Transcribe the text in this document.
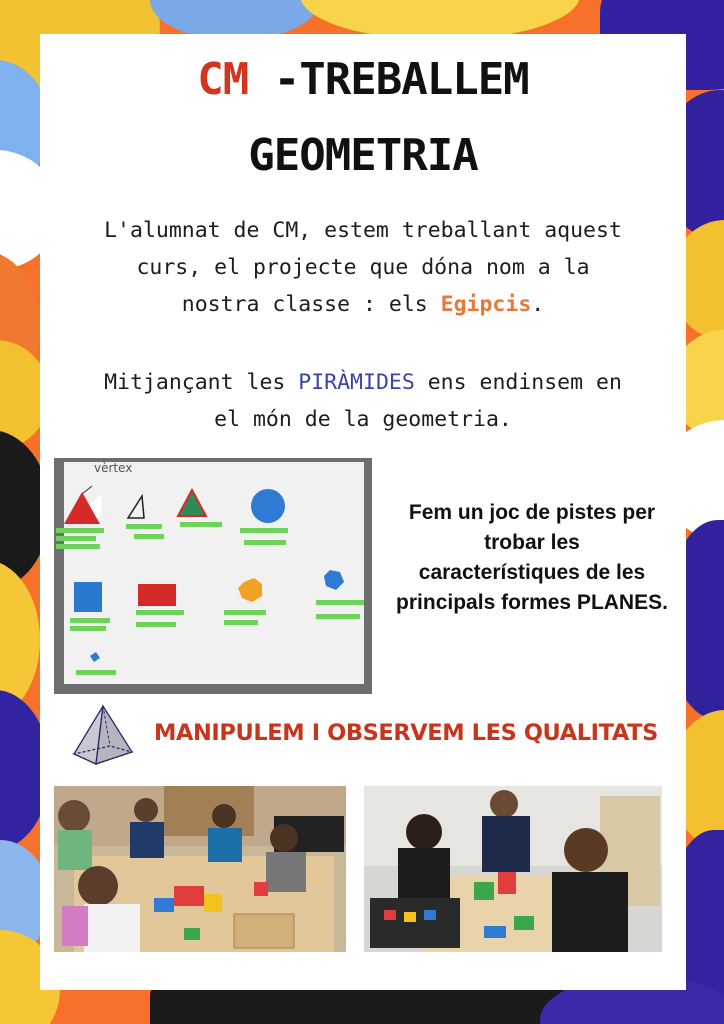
CM -TREBALLEM
GEOMETRIA
L'alumnat de CM, estem treballant aquest
curs, el projecte que dóna nom a la
nostra classe : els Egipcis.
Mitjançant les PIRÀMIDES ens endinsem en
el món de la geometria.
vèrtex
Fem un joc de pistes per
trobar les
característiques de les
principals formes PLANES.
MANIPULEM I OBSERVEM LES QUALITATS
